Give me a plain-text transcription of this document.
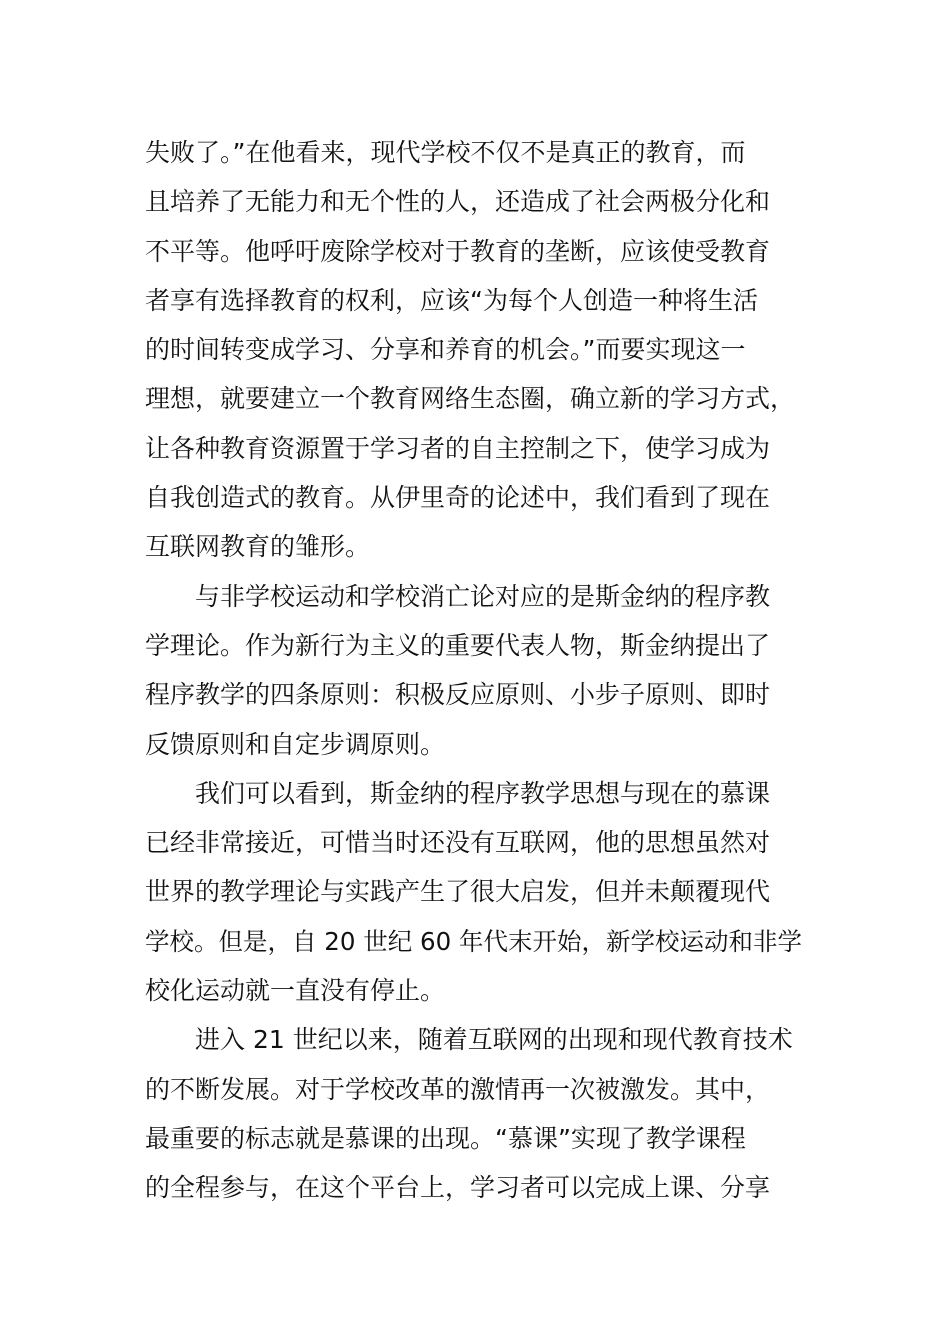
失败了。”在他看来，现代学校不仅不是真正的教育，而
且培养了无能力和无个性的人，还造成了社会两极分化和
不平等。他呼吁废除学校对于教育的垄断，应该使受教育
者享有选择教育的权利，应该“为每个人创造一种将生活
的时间转变成学习、分享和养育的机会。”而要实现这一
理想，就要建立一个教育网络生态圈，确立新的学习方式，
让各种教育资源置于学习者的自主控制之下，使学习成为
自我创造式的教育。从伊里奇的论述中，我们看到了现在
互联网教育的雏形。
与非学校运动和学校消亡论对应的是斯金纳的程序教
学理论。作为新行为主义的重要代表人物，斯金纳提出了
程序教学的四条原则：积极反应原则、小步子原则、即时
反馈原则和自定步调原则。
我们可以看到，斯金纳的程序教学思想与现在的慕课
已经非常接近，可惜当时还没有互联网，他的思想虽然对
世界的教学理论与实践产生了很大启发，但并未颠覆现代
学校。但是，自 20 世纪 60 年代末开始，新学校运动和非学
校化运动就一直没有停止。
进入 21 世纪以来，随着互联网的出现和现代教育技术
的不断发展。对于学校改革的激情再一次被激发。其中，
最重要的标志就是慕课的出现。“慕课”实现了教学课程
的全程参与，在这个平台上，学习者可以完成上课、分享
